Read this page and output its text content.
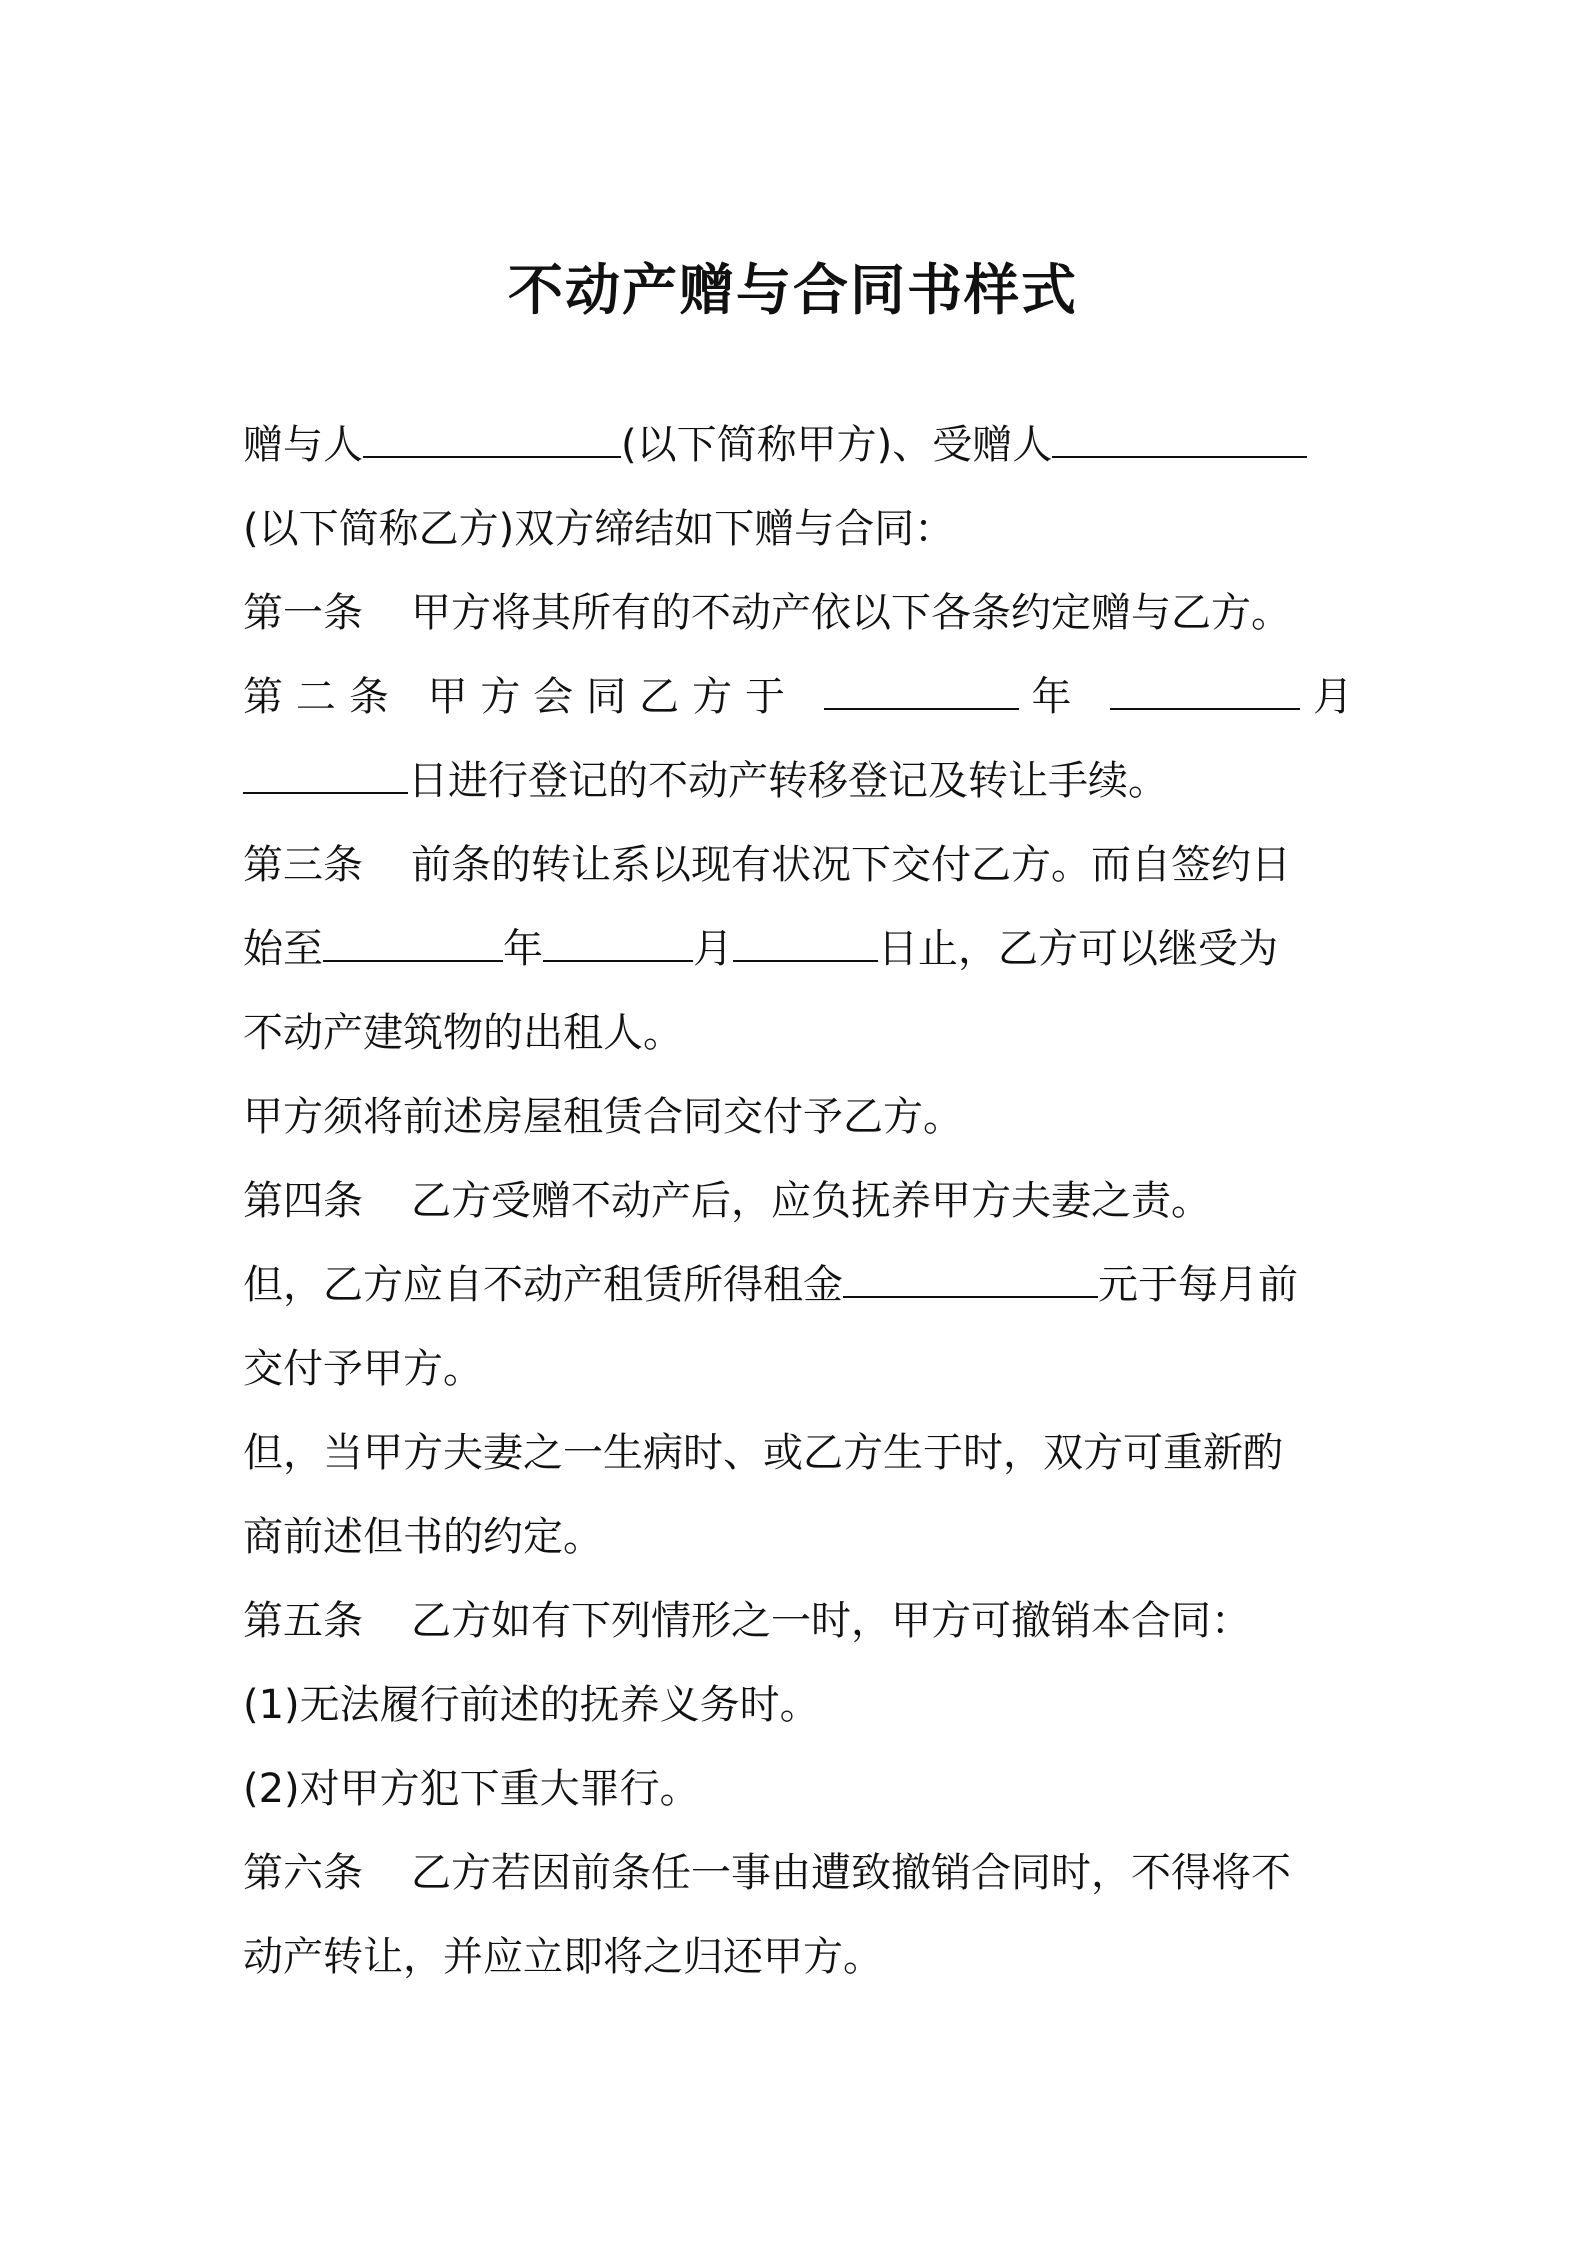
不动产赠与合同书样式
赠与人	(以下简称甲方)、受赠人
(以下简称乙方)双方缔结如下赠与合同：
第一条 甲方将其所有的不动产依以下各条约定赠与乙方。
第二条 甲方会同乙方于	年	月
日进行登记的不动产转移登记及转让手续。
第三条 前条的转让系以现有状况下交付乙方。而自签约日
始至	年	月	日止，乙方可以继受为
不动产建筑物的出租人。
甲方须将前述房屋租赁合同交付予乙方。
第四条 乙方受赠不动产后，应负抚养甲方夫妻之责。
但，乙方应自不动产租赁所得租金	元于每月前
交付予甲方。
但，当甲方夫妻之一生病时、或乙方生于时，双方可重新酌
商前述但书的约定。
第五条 乙方如有下列情形之一时，甲方可撤销本合同：
(1)无法履行前述的抚养义务时。
(2)对甲方犯下重大罪行。
第六条 乙方若因前条任一事由遭致撤销合同时，不得将不
动产转让，并应立即将之归还甲方。
